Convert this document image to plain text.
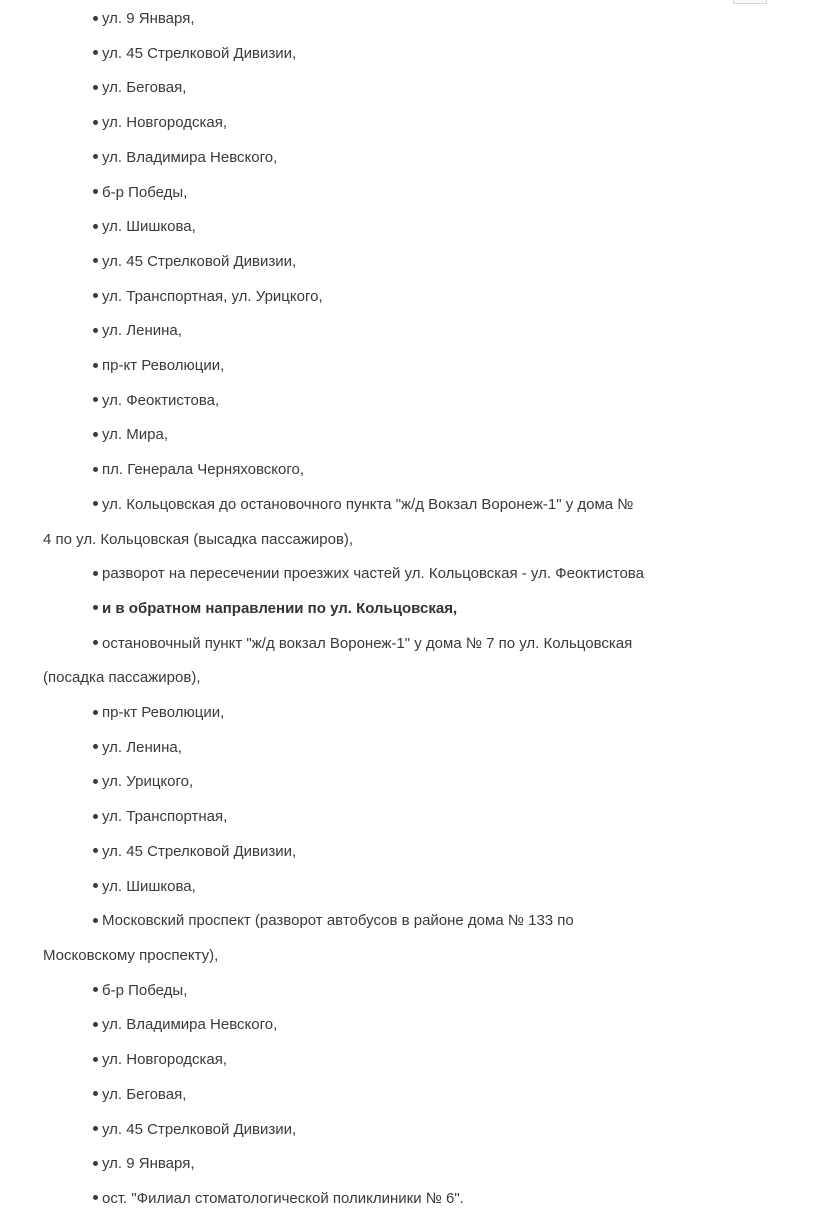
ул. 9 Января,
ул. 45 Стрелковой Дивизии,
ул. Беговая,
ул. Новгородская,
ул. Владимира Невского,
б-р Победы,
ул. Шишкова,
ул. 45 Стрелковой Дивизии,
ул. Транспортная, ул. Урицкого,
ул. Ленина,
пр-кт Революции,
ул. Феоктистова,
ул. Мира,
пл. Генерала Черняховского,
ул. Кольцовская до остановочного пункта "ж/д Вокзал Воронеж-1" у дома №
4 по ул. Кольцовская (высадка пассажиров),
разворот на пересечении проезжих частей ул. Кольцовская - ул. Феоктистова
и в обратном направлении по ул. Кольцовская,
остановочный пункт "ж/д вокзал Воронеж-1" у дома № 7 по ул. Кольцовская
(посадка пассажиров),
пр-кт Революции,
ул. Ленина,
ул. Урицкого,
ул. Транспортная,
ул. 45 Стрелковой Дивизии,
ул. Шишкова,
Московский проспект (разворот автобусов в районе дома № 133 по
Московскому проспекту),
б-р Победы,
ул. Владимира Невского,
ул. Новгородская,
ул. Беговая,
ул. 45 Стрелковой Дивизии,
ул. 9 Января,
ост. "Филиал стоматологической поликлиники № 6".
